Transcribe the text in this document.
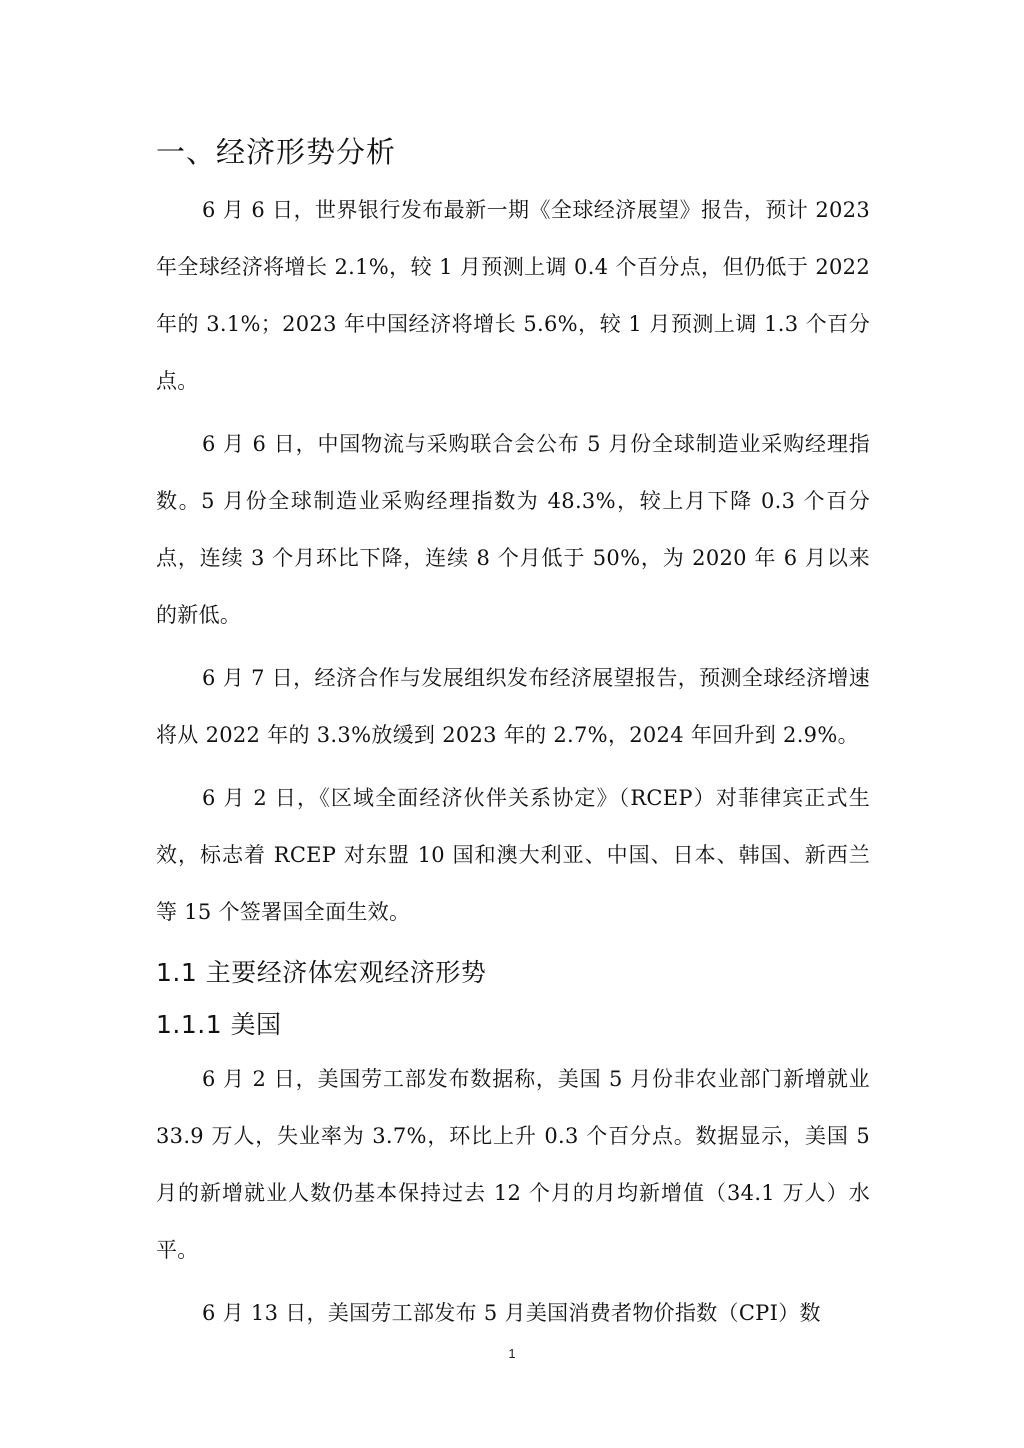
一、经济形势分析

6 月 6 日，世界银行发布最新一期《全球经济展望》报告，预计 2023 年全球经济将增长 2.1%，较 1 月预测上调 0.4 个百分点，但仍低于 2022 年的 3.1%；2023 年中国经济将增长 5.6%，较 1 月预测上调 1.3 个百分点。

6 月 6 日，中国物流与采购联合会公布 5 月份全球制造业采购经理指数。5 月份全球制造业采购经理指数为 48.3%，较上月下降 0.3 个百分点，连续 3 个月环比下降，连续 8 个月低于 50%，为 2020 年 6 月以来的新低。

6 月 7 日，经济合作与发展组织发布经济展望报告，预测全球经济增速将从 2022 年的 3.3%放缓到 2023 年的 2.7%，2024 年回升到 2.9%。

6 月 2 日，《区域全面经济伙伴关系协定》（RCEP）对菲律宾正式生效，标志着 RCEP 对东盟 10 国和澳大利亚、中国、日本、韩国、新西兰等 15 个签署国全面生效。

1.1 主要经济体宏观经济形势
1.1.1 美国

6 月 2 日，美国劳工部发布数据称，美国 5 月份非农业部门新增就业 33.9 万人，失业率为 3.7%，环比上升 0.3 个百分点。数据显示，美国 5 月的新增就业人数仍基本保持过去 12 个月的月均新增值（34.1 万人）水平。

6 月 13 日，美国劳工部发布 5 月美国消费者物价指数（CPI）数

1
